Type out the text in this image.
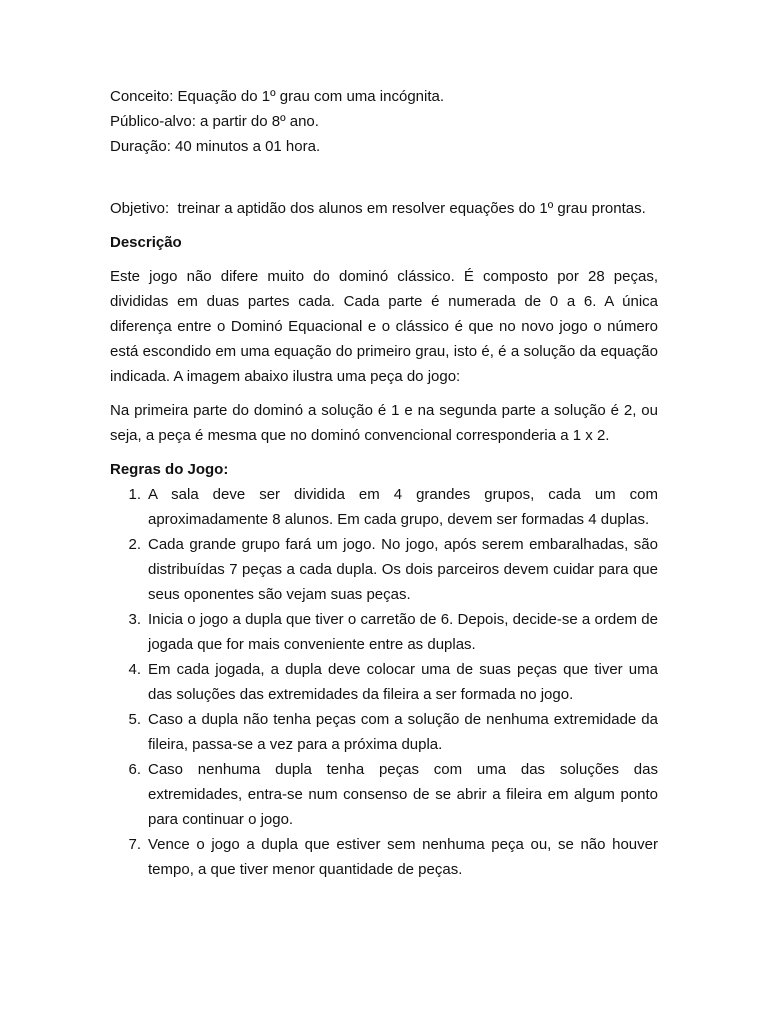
Conceito: Equação do 1º grau com uma incógnita.

Público-alvo: a partir do 8º ano.

Duração: 40 minutos a 01 hora.

Objetivo:  treinar a aptidão dos alunos em resolver equações do 1º grau prontas.

Descrição

Este jogo não difere muito do dominó clássico. É composto por 28 peças, divididas em duas partes cada. Cada parte é numerada de 0 a 6. A única diferença entre o Dominó Equacional e o clássico é que no novo jogo o número está escondido em uma equação do primeiro grau, isto é, é a solução da equação indicada. A imagem abaixo ilustra uma peça do jogo:

Na primeira parte do dominó a solução é 1 e na segunda parte a solução é 2, ou seja, a peça é mesma que no dominó convencional corresponderia a 1 x 2.

Regras do Jogo:

1. A sala deve ser dividida em 4 grandes grupos, cada um com aproximadamente 8 alunos. Em cada grupo, devem ser formadas 4 duplas.
2. Cada grande grupo fará um jogo. No jogo, após serem embaralhadas, são distribuídas 7 peças a cada dupla. Os dois parceiros devem cuidar para que seus oponentes são vejam suas peças.
3. Inicia o jogo a dupla que tiver o carretão de 6. Depois, decide-se a ordem de jogada que for mais conveniente entre as duplas.
4. Em cada jogada, a dupla deve colocar uma de suas peças que tiver uma das soluções das extremidades da fileira a ser formada no jogo.
5. Caso a dupla não tenha peças com a solução de nenhuma extremidade da fileira, passa-se a vez para a próxima dupla.
6. Caso nenhuma dupla tenha peças com uma das soluções das extremidades, entra-se num consenso de se abrir a fileira em algum ponto para continuar o jogo.
7. Vence o jogo a dupla que estiver sem nenhuma peça ou, se não houver tempo, a que tiver menor quantidade de peças.
